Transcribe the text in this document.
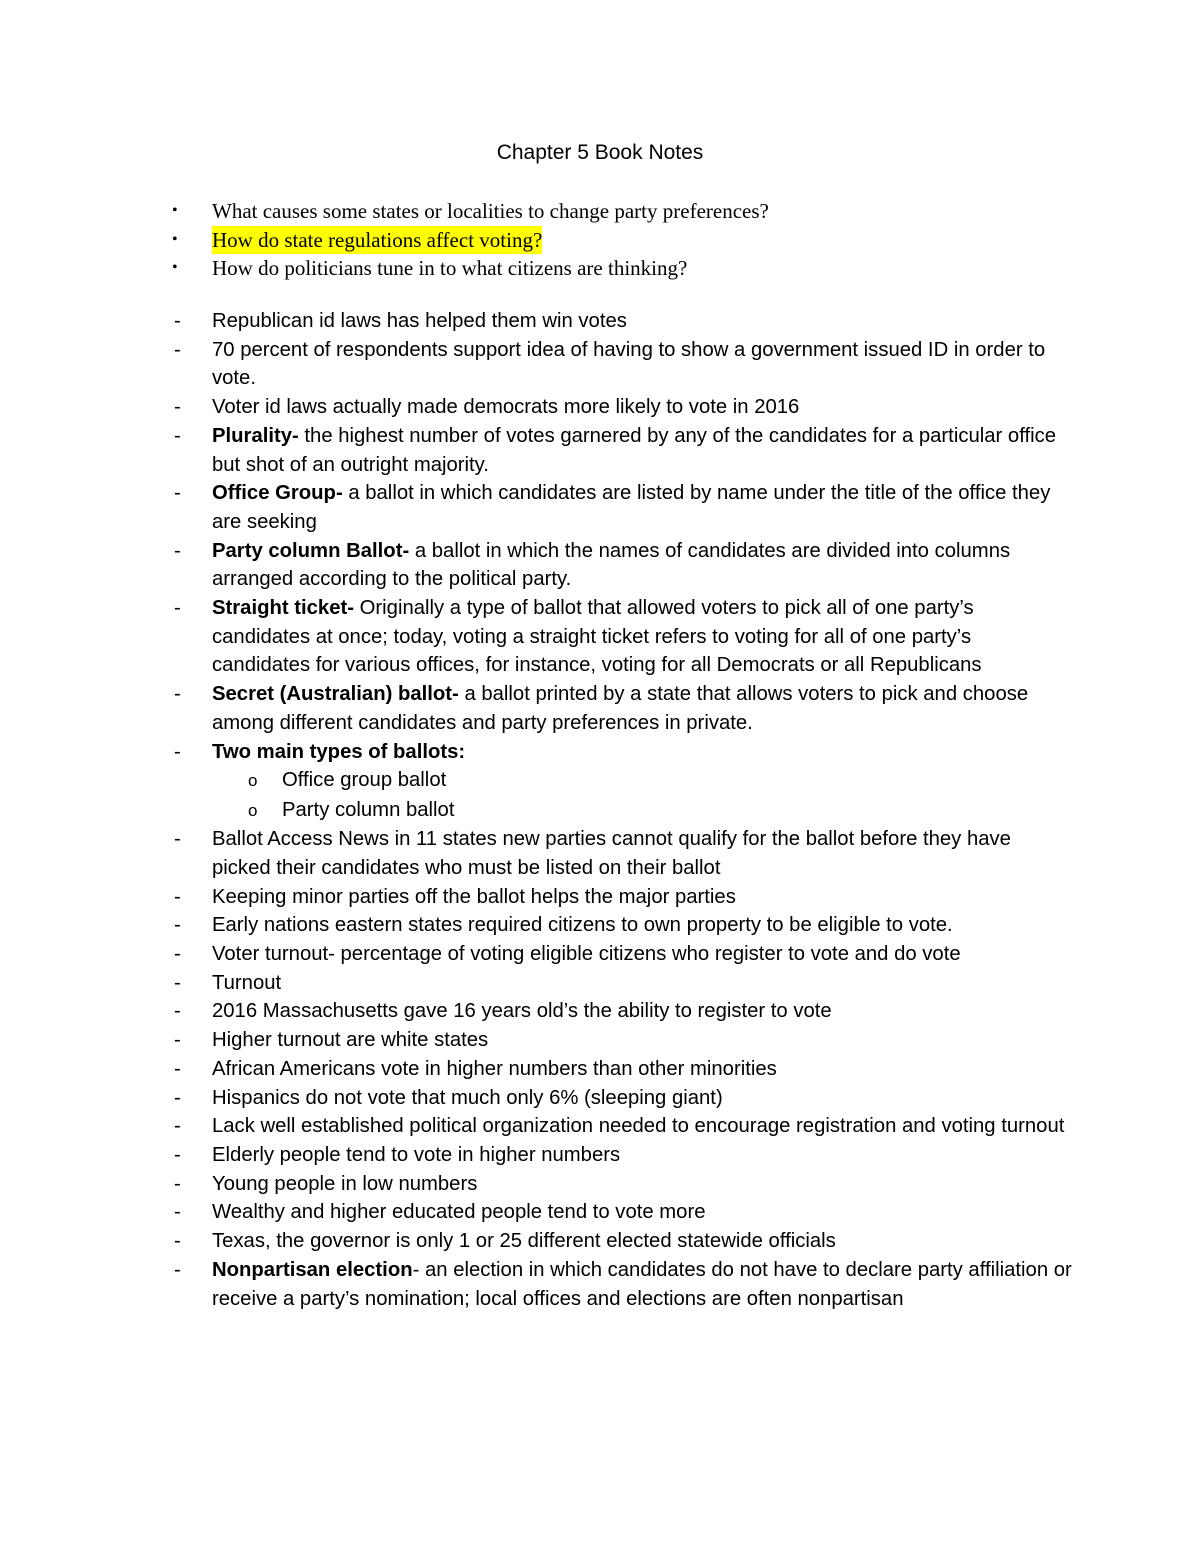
Chapter 5 Book Notes
•	What causes some states or localities to change party preferences?
•	How do state regulations affect voting?
•	How do politicians tune in to what citizens are thinking?
- Republican id laws has helped them win votes
- 70 percent of respondents support idea of having to show a government issued ID in order to vote.
- Voter id laws actually made democrats more likely to vote in 2016
- Plurality- the highest number of votes garnered by any of the candidates for a particular office but shot of an outright majority.
- Office Group- a ballot in which candidates are listed by name under the title of the office they are seeking
- Party column Ballot- a ballot in which the names of candidates are divided into columns arranged according to the political party.
- Straight ticket- Originally a type of ballot that allowed voters to pick all of one party’s candidates at once; today, voting a straight ticket refers to voting for all of one party’s candidates for various offices, for instance, voting for all Democrats or all Republicans
- Secret (Australian) ballot- a ballot printed by a state that allows voters to pick and choose among different candidates and party preferences in private.
- Two main types of ballots:
o Office group ballot
o Party column ballot
- Ballot Access News in 11 states new parties cannot qualify for the ballot before they have picked their candidates who must be listed on their ballot
- Keeping minor parties off the ballot helps the major parties
- Early nations eastern states required citizens to own property to be eligible to vote.
- Voter turnout- percentage of voting eligible citizens who register to vote and do vote
- Turnout
- 2016 Massachusetts gave 16 years old’s the ability to register to vote
- Higher turnout are white states
- African Americans vote in higher numbers than other minorities
- Hispanics do not vote that much only 6% (sleeping giant)
- Lack well established political organization needed to encourage registration and voting turnout
- Elderly people tend to vote in higher numbers
- Young people in low numbers
- Wealthy and higher educated people tend to vote more
- Texas, the governor is only 1 or 25 different elected statewide officials
- Nonpartisan election- an election in which candidates do not have to declare party affiliation or receive a party’s nomination; local offices and elections are often nonpartisan
